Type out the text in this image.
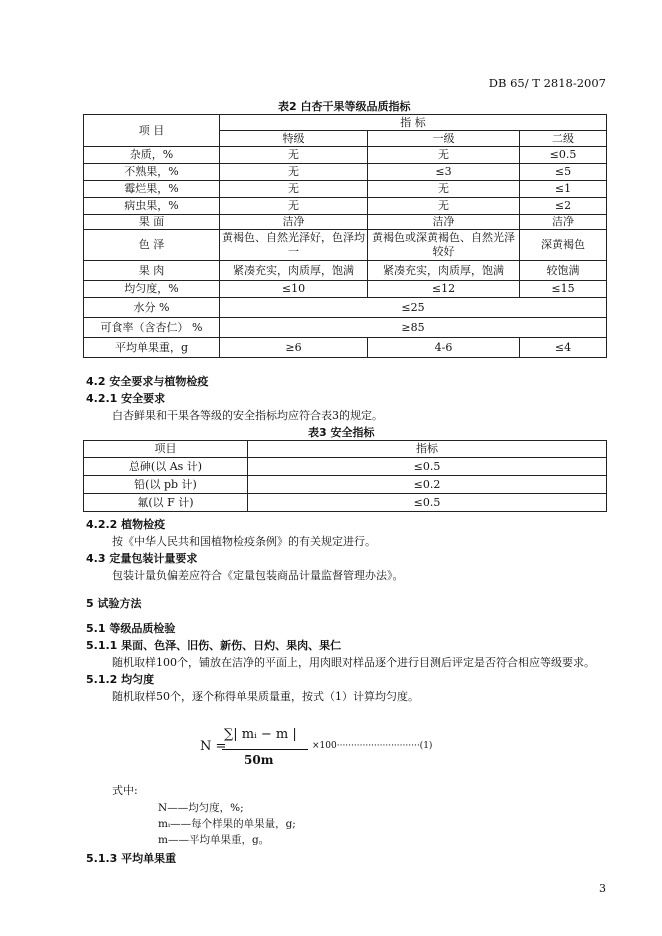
DB 65/ T 2818-2007
表2 白杏干果等级品质指标
项 目	指 标		
	特级	一级	二级
杂质，%	无	无	≤0.5
不熟果，%	无	≤3	≤5
霉烂果，%	无	无	≤1
病虫果，%	无	无	≤2
果 面	洁净	洁净	洁净
色 泽	黄褐色、自然光泽好，色泽均一	黄褐色或深黄褐色、自然光泽较好	深黄褐色
果 肉	紧凑充实，肉质厚，饱满	紧凑充实，肉质厚，饱满	较饱满
均匀度，%	≤10	≤12	≤15
水分 %	≤25		
可食率（含杏仁） %	≥85		
平均单果重，g	≥6	4-6	≤4
4.2 安全要求与植物检疫
4.2.1 安全要求
白杏鲜果和干果各等级的安全指标均应符合表3的规定。
表3 安全指标
项目	指标
总砷(以 As 计)	≤0.5
铅(以 pb 计)	≤0.2
氟(以 F 计)	≤0.5
4.2.2 植物检疫
按《中华人民共和国植物检疫条例》的有关规定进行。
4.3 定量包装计量要求
包装计量负偏差应符合《定量包装商品计量监督管理办法》。
5 试验方法
5.1 等级品质检验
5.1.1 果面、色泽、旧伤、新伤、日灼、果肉、果仁
随机取样100个，铺放在洁净的平面上，用肉眼对样品逐个进行目测后评定是否符合相应等级要求。
5.1.2 均匀度
随机取样50个，逐个称得单果质量重，按式（1）计算均匀度。
N =
∑| mᵢ − m |
50m
×100·····························(1)
式中:
N——均匀度，%;
mᵢ——每个样果的单果量，g;
m——平均单果重，g。
5.1.3 平均单果重
3
